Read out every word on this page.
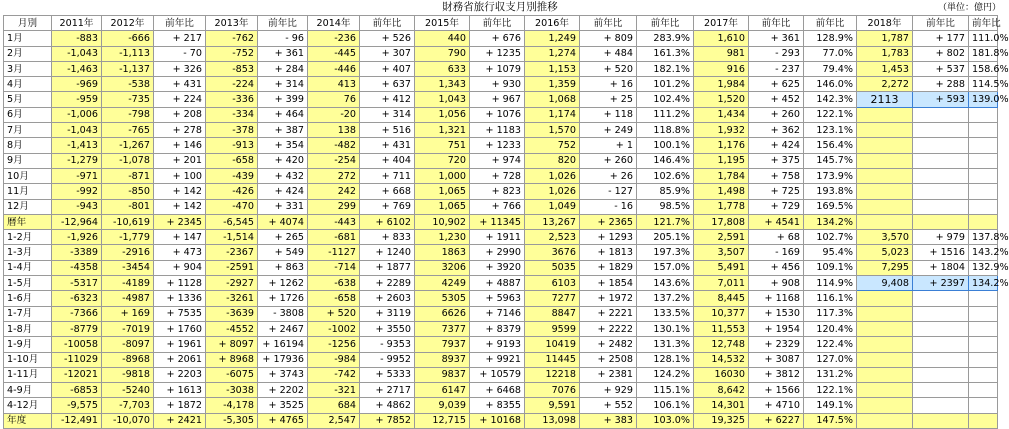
財務省旅行収支月別推移	（単位：億円）
月別	2011年	2012年	前年比	2013年	前年比	2014年	前年比	2015年	前年比	2016年	前年比	前年比	2017年	前年比	前年比	2018年	前年比	前年比
1月	-883	-666	+ 217	-762	- 96	-236	+ 526	440	+ 676	1,249	+ 809	283.9%	1,610	+ 361	128.9%	1,787	+ 177	111.0%
2月	-1,043	-1,113	- 70	-752	+ 361	-445	+ 307	790	+ 1235	1,274	+ 484	161.3%	981	- 293	77.0%	1,783	+ 802	181.8%
3月	-1,463	-1,137	+ 326	-853	+ 284	-446	+ 407	633	+ 1079	1,153	+ 520	182.1%	916	- 237	79.4%	1,453	+ 537	158.6%
4月	-969	-538	+ 431	-224	+ 314	413	+ 637	1,343	+ 930	1,359	+ 16	101.2%	1,984	+ 625	146.0%	2,272	+ 288	114.5%
5月	-959	-735	+ 224	-336	+ 399	76	+ 412	1,043	+ 967	1,068	+ 25	102.4%	1,520	+ 452	142.3%	2113	+ 593	139.0%
6月	-1,006	-798	+ 208	-334	+ 464	-20	+ 314	1,056	+ 1076	1,174	+ 118	111.2%	1,434	+ 260	122.1%			
7月	-1,043	-765	+ 278	-378	+ 387	138	+ 516	1,321	+ 1183	1,570	+ 249	118.8%	1,932	+ 362	123.1%			
8月	-1,413	-1,267	+ 146	-913	+ 354	-482	+ 431	751	+ 1233	752	+ 1	100.1%	1,176	+ 424	156.4%			
9月	-1,279	-1,078	+ 201	-658	+ 420	-254	+ 404	720	+ 974	820	+ 260	146.4%	1,195	+ 375	145.7%			
10月	-971	-871	+ 100	-439	+ 432	272	+ 711	1,000	+ 728	1,026	+ 26	102.6%	1,784	+ 758	173.9%			
11月	-992	-850	+ 142	-426	+ 424	242	+ 668	1,065	+ 823	1,026	- 127	85.9%	1,498	+ 725	193.8%			
12月	-943	-801	+ 142	-470	+ 331	299	+ 769	1,065	+ 766	1,049	- 16	98.5%	1,778	+ 729	169.5%			
暦年	-12,964	-10,619	+ 2345	-6,545	+ 4074	-443	+ 6102	10,902	+ 11345	13,267	+ 2365	121.7%	17,808	+ 4541	134.2%			
1-2月	-1,926	-1,779	+ 147	-1,514	+ 265	-681	+ 833	1,230	+ 1911	2,523	+ 1293	205.1%	2,591	+ 68	102.7%	3,570	+ 979	137.8%
1-3月	-3389	-2916	+ 473	-2367	+ 549	-1127	+ 1240	1863	+ 2990	3676	+ 1813	197.3%	3,507	- 169	95.4%	5,023	+ 1516	143.2%
1-4月	-4358	-3454	+ 904	-2591	+ 863	-714	+ 1877	3206	+ 3920	5035	+ 1829	157.0%	5,491	+ 456	109.1%	7,295	+ 1804	132.9%
1-5月	-5317	-4189	+ 1128	-2927	+ 1262	-638	+ 2289	4249	+ 4887	6103	+ 1854	143.6%	7,011	+ 908	114.9%	9,408	+ 2397	134.2%
1-6月	-6323	-4987	+ 1336	-3261	+ 1726	-658	+ 2603	5305	+ 5963	7277	+ 1972	137.2%	8,445	+ 1168	116.1%			
1-7月	-7366	+ 169	+ 7535	-3639	- 3808	+ 520	+ 3119	6626	+ 7146	8847	+ 2221	133.5%	10,377	+ 1530	117.3%			
1-8月	-8779	-7019	+ 1760	-4552	+ 2467	-1002	+ 3550	7377	+ 8379	9599	+ 2222	130.1%	11,553	+ 1954	120.4%			
1-9月	-10058	-8097	+ 1961	+ 8097	+ 16194	-1256	- 9353	7937	+ 9193	10419	+ 2482	131.3%	12,748	+ 2329	122.4%			
1-10月	-11029	-8968	+ 2061	+ 8968	+ 17936	-984	- 9952	8937	+ 9921	11445	+ 2508	128.1%	14,532	+ 3087	127.0%			
1-11月	-12021	-9818	+ 2203	-6075	+ 3743	-742	+ 5333	9837	+ 10579	12218	+ 2381	124.2%	16030	+ 3812	131.2%			
4-9月	-6853	-5240	+ 1613	-3038	+ 2202	-321	+ 2717	6147	+ 6468	7076	+ 929	115.1%	8,642	+ 1566	122.1%			
4-12月	-9,575	-7,703	+ 1872	-4,178	+ 3525	684	+ 4862	9,039	+ 8355	9,591	+ 552	106.1%	14,301	+ 4710	149.1%			
年度	-12,491	-10,070	+ 2421	-5,305	+ 4765	2,547	+ 7852	12,715	+ 10168	13,098	+ 383	103.0%	19,325	+ 6227	147.5%			
